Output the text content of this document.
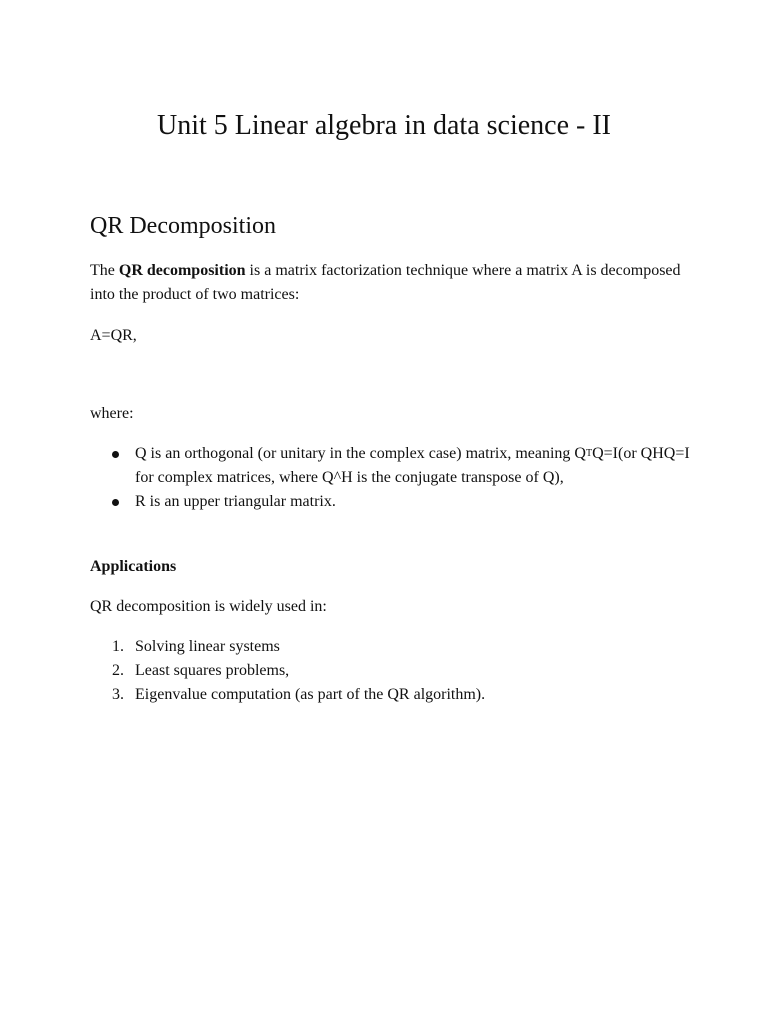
Unit 5 Linear algebra in data science - II
QR Decomposition

The QR decomposition is a matrix factorization technique where a matrix A is decomposed into the product of two matrices:

A=QR,

where:

Q is an orthogonal (or unitary in the complex case) matrix, meaning QTQ=I(or QHQ=I for complex matrices, where Q^H is the conjugate transpose of Q),
R is an upper triangular matrix.

Applications

QR decomposition is widely used in:

1. Solving linear systems
2. Least squares problems,
3. Eigenvalue computation (as part of the QR algorithm).
